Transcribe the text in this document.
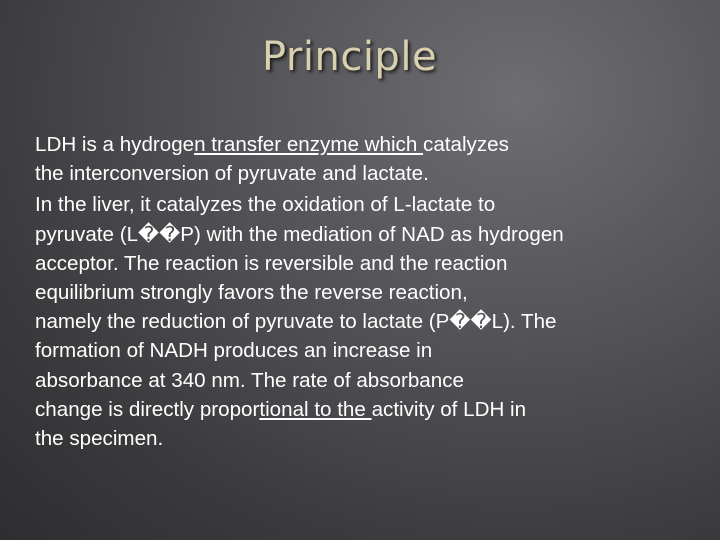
Principle

LDH is a hydrogen transfer enzyme which catalyzes
the interconversion of pyruvate and lactate.

In the liver, it catalyzes the oxidation of L-lactate to
pyruvate (L��P) with the mediation of NAD as hydrogen
acceptor. The reaction is reversible and the reaction
equilibrium strongly favors the reverse reaction,
namely the reduction of pyruvate to lactate (P��L). The
formation of NADH produces an increase in
absorbance at 340 nm. The rate of absorbance
change is directly proportional to the activity of LDH in
the specimen.
